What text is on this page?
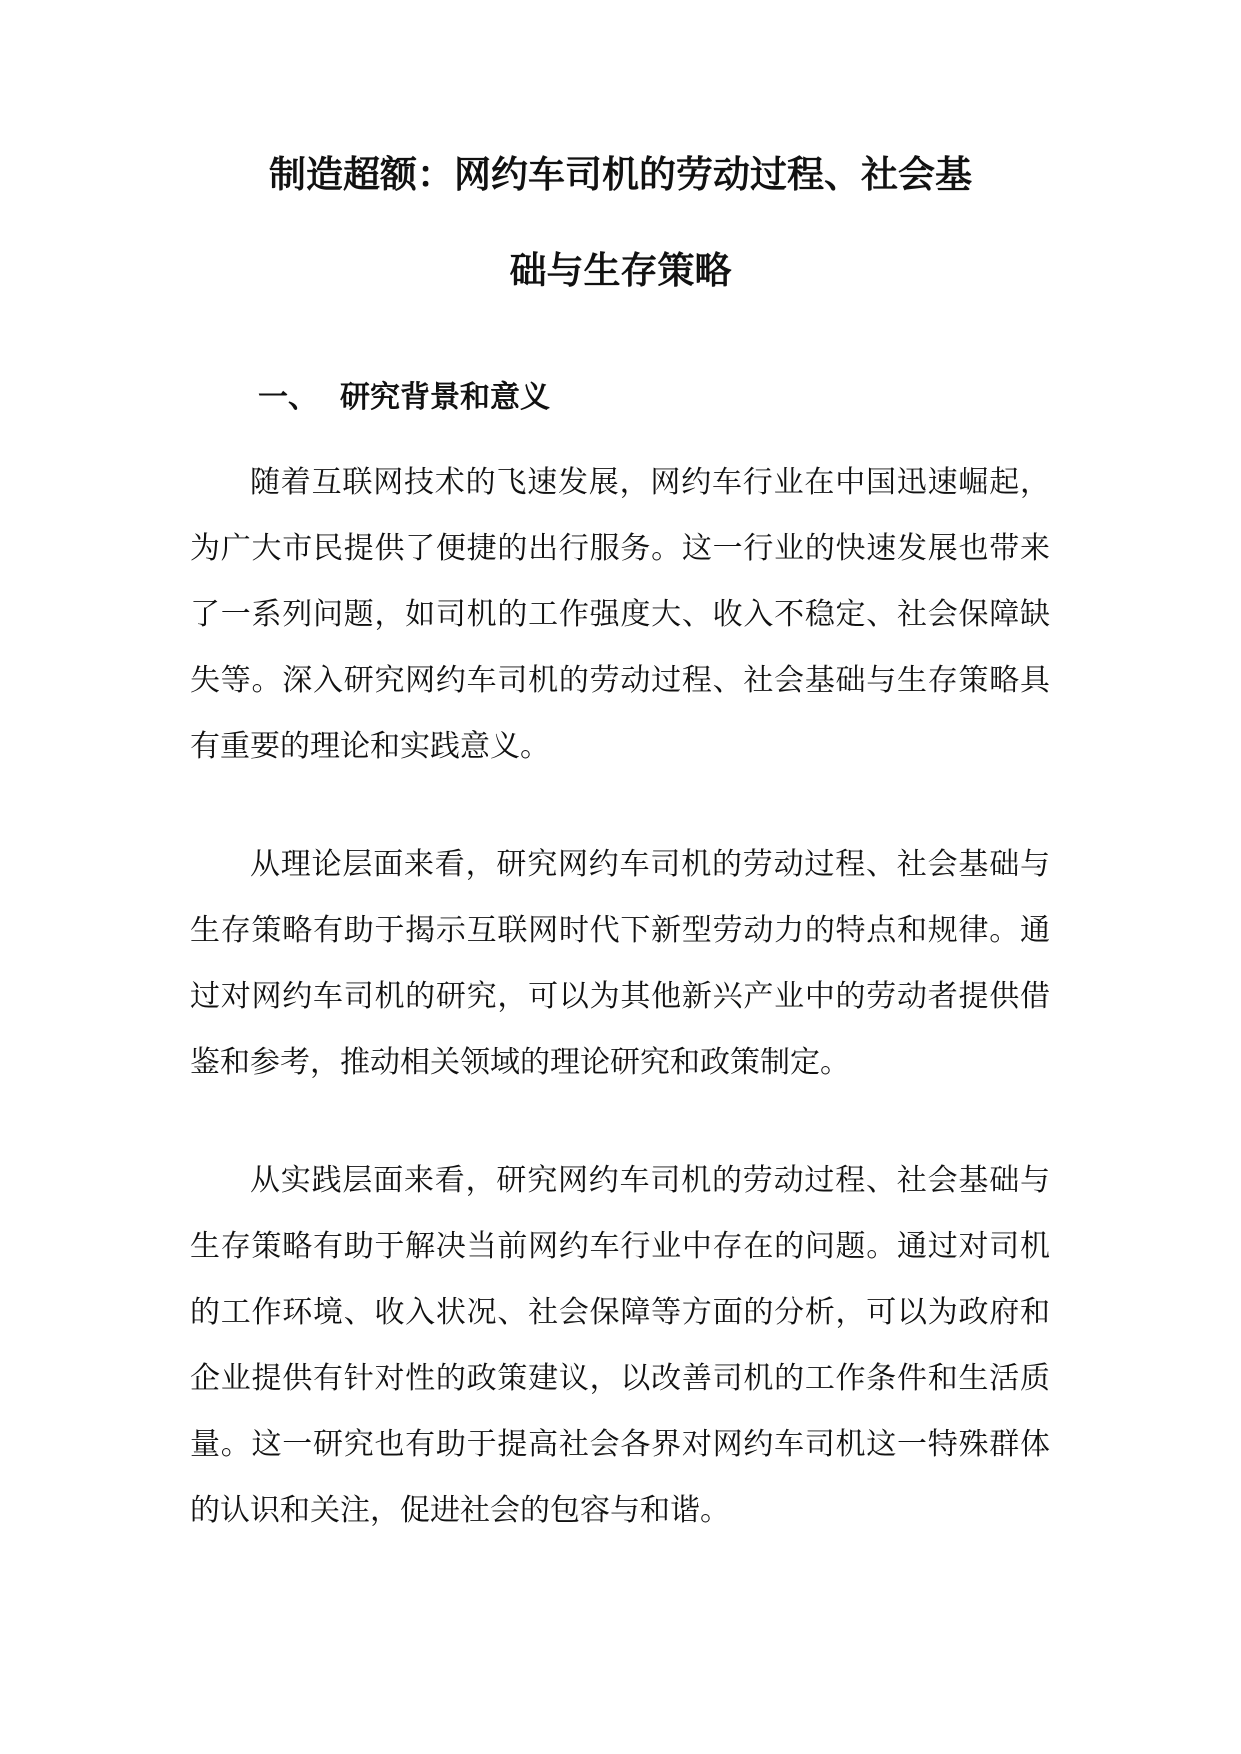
制造超额：网约车司机的劳动过程、社会基
础与生存策略
一、 研究背景和意义

随着互联网技术的飞速发展，网约车行业在中国迅速崛起，为广大市民提供了便捷的出行服务。这一行业的快速发展也带来了一系列问题，如司机的工作强度大、收入不稳定、社会保障缺失等。深入研究网约车司机的劳动过程、社会基础与生存策略具有重要的理论和实践意义。

从理论层面来看，研究网约车司机的劳动过程、社会基础与生存策略有助于揭示互联网时代下新型劳动力的特点和规律。通过对网约车司机的研究，可以为其他新兴产业中的劳动者提供借鉴和参考，推动相关领域的理论研究和政策制定。

从实践层面来看，研究网约车司机的劳动过程、社会基础与生存策略有助于解决当前网约车行业中存在的问题。通过对司机的工作环境、收入状况、社会保障等方面的分析，可以为政府和企业提供有针对性的政策建议，以改善司机的工作条件和生活质量。这一研究也有助于提高社会各界对网约车司机这一特殊群体的认识和关注，促进社会的包容与和谐。
